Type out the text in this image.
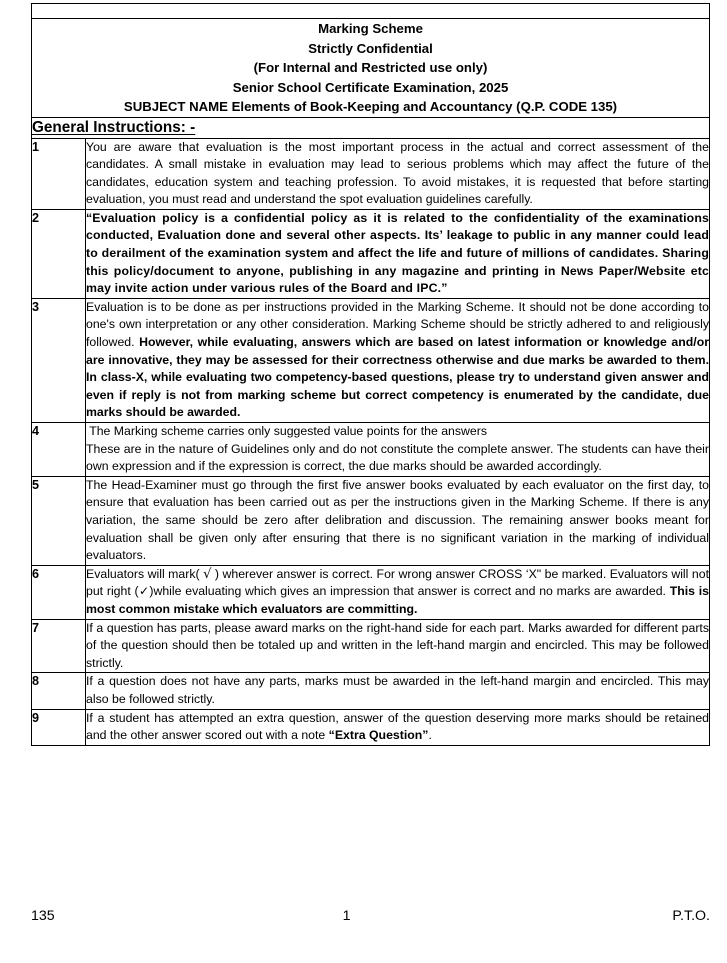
Marking Scheme
Strictly Confidential
(For Internal and Restricted use only)
Senior School Certificate Examination, 2025
SUBJECT NAME Elements of Book-Keeping and Accountancy (Q.P. CODE 135)	

General Instructions: -	
1	You are aware that evaluation is the most important process in the actual and correct assessment of the candidates. A small mistake in evaluation may lead to serious problems which may affect the future of the candidates, education system and teaching profession. To avoid mistakes, it is requested that before starting evaluation, you must read and understand the spot evaluation guidelines carefully.

2	“Evaluation policy is a confidential policy as it is related to the confidentiality of the examinations conducted, Evaluation done and several other aspects. Its’ leakage to public in any manner could lead to derailment of the examination system and affect the life and future of millions of candidates. Sharing this policy/document to anyone, publishing in any magazine and printing in News Paper/Website etc may invite action under various rules of the Board and IPC.”

3	Evaluation is to be done as per instructions provided in the Marking Scheme. It should not be done according to one's own interpretation or any other consideration. Marking Scheme should be strictly adhered to and religiously followed. However, while evaluating, answers which are based on latest information or knowledge and/or are innovative, they may be assessed for their correctness otherwise and due marks be awarded to them. In class-X, while evaluating two competency-based questions, please try to understand given answer and even if reply is not from marking scheme but correct competency is enumerated by the candidate, due marks should be awarded.

4	The Marking scheme carries only suggested value points for the answers

These are in the nature of Guidelines only and do not constitute the complete answer. The students can have their own expression and if the expression is correct, the due marks should be awarded accordingly.

5	The Head-Examiner must go through the first five answer books evaluated by each evaluator on the first day, to ensure that evaluation has been carried out as per the instructions given in the Marking Scheme. If there is any variation, the same should be zero after delibration and discussion. The remaining answer books meant for evaluation shall be given only after ensuring that there is no significant variation in the marking of individual evaluators.

6	Evaluators will mark( √ ) wherever answer is correct. For wrong answer CROSS ‘X" be marked. Evaluators will not put right (✓)while evaluating which gives an impression that answer is correct and no marks are awarded. This is most common mistake which evaluators are committing.

7	If a question has parts, please award marks on the right-hand side for each part. Marks awarded for different parts of the question should then be totaled up and written in the left-hand margin and encircled. This may be followed strictly.

8	If a question does not have any parts, marks must be awarded in the left-hand margin and encircled. This may also be followed strictly.

9	If a student has attempted an extra question, answer of the question deserving more marks should be retained and the other answer scored out with a note “Extra Question”.

135	1	P.T.O.
